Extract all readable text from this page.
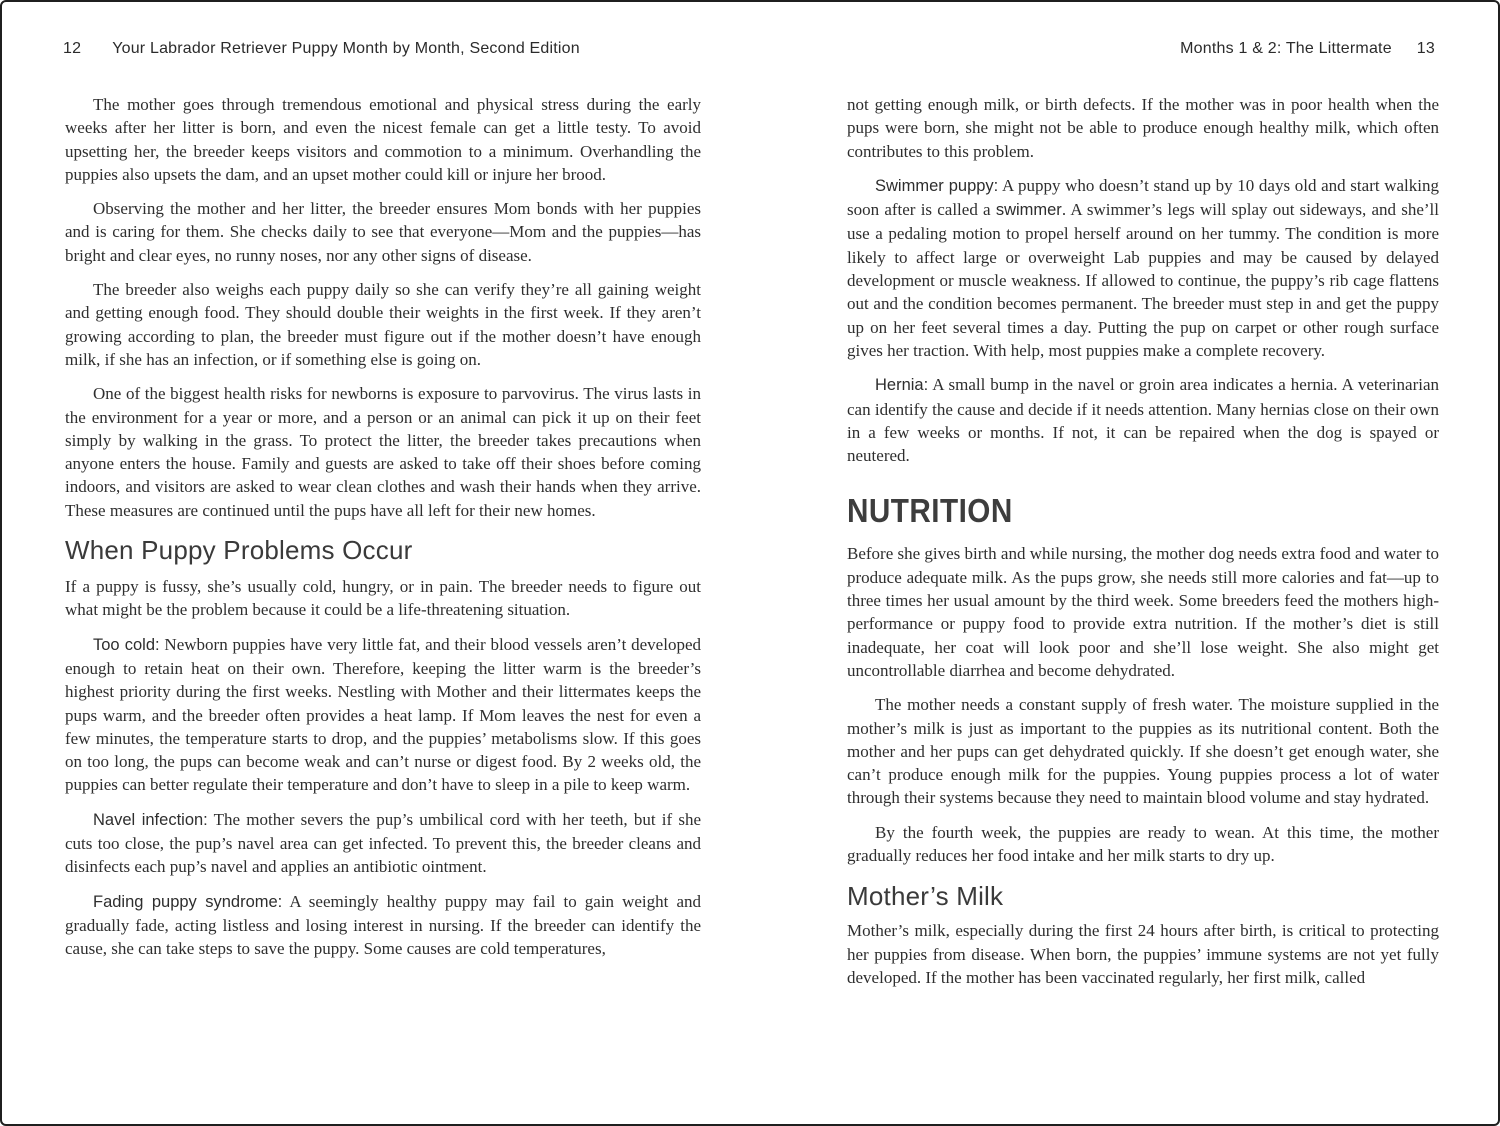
12 Your Labrador Retriever Puppy Month by Month, Second Edition	Months 1 & 2: The Littermate 13

The mother goes through tremendous emotional and physical stress during the early weeks after her litter is born, and even the nicest female can get a little testy. To avoid upsetting her, the breeder keeps visitors and commotion to a minimum. Overhandling the puppies also upsets the dam, and an upset mother could kill or injure her brood.

Observing the mother and her litter, the breeder ensures Mom bonds with her puppies and is caring for them. She checks daily to see that everyone—Mom and the puppies—has bright and clear eyes, no runny noses, nor any other signs of disease.

The breeder also weighs each puppy daily so she can verify they’re all gaining weight and getting enough food. They should double their weights in the first week. If they aren’t growing according to plan, the breeder must figure out if the mother doesn’t have enough milk, if she has an infection, or if something else is going on.

One of the biggest health risks for newborns is exposure to parvovirus. The virus lasts in the environment for a year or more, and a person or an animal can pick it up on their feet simply by walking in the grass. To protect the litter, the breeder takes precautions when anyone enters the house. Family and guests are asked to take off their shoes before coming indoors, and visitors are asked to wear clean clothes and wash their hands when they arrive. These measures are continued until the pups have all left for their new homes.

When Puppy Problems Occur

If a puppy is fussy, she’s usually cold, hungry, or in pain. The breeder needs to figure out what might be the problem because it could be a life-threatening situation.

Too cold: Newborn puppies have very little fat, and their blood vessels aren’t developed enough to retain heat on their own. Therefore, keeping the litter warm is the breeder’s highest priority during the first weeks. Nestling with Mother and their littermates keeps the pups warm, and the breeder often provides a heat lamp. If Mom leaves the nest for even a few minutes, the temperature starts to drop, and the puppies’ metabolisms slow. If this goes on too long, the pups can become weak and can’t nurse or digest food. By 2 weeks old, the puppies can better regulate their temperature and don’t have to sleep in a pile to keep warm.

Navel infection: The mother severs the pup’s umbilical cord with her teeth, but if she cuts too close, the pup’s navel area can get infected. To prevent this, the breeder cleans and disinfects each pup’s navel and applies an antibiotic ointment.

Fading puppy syndrome: A seemingly healthy puppy may fail to gain weight and gradually fade, acting listless and losing interest in nursing. If the breeder can identify the cause, she can take steps to save the puppy. Some causes are cold temperatures,

not getting enough milk, or birth defects. If the mother was in poor health when the pups were born, she might not be able to produce enough healthy milk, which often contributes to this problem.

Swimmer puppy: A puppy who doesn’t stand up by 10 days old and start walking soon after is called a swimmer. A swimmer’s legs will splay out sideways, and she’ll use a pedaling motion to propel herself around on her tummy. The condition is more likely to affect large or overweight Lab puppies and may be caused by delayed development or muscle weakness. If allowed to continue, the puppy’s rib cage flattens out and the condition becomes permanent. The breeder must step in and get the puppy up on her feet several times a day. Putting the pup on carpet or other rough surface gives her traction. With help, most puppies make a complete recovery.

Hernia: A small bump in the navel or groin area indicates a hernia. A veterinarian can identify the cause and decide if it needs attention. Many hernias close on their own in a few weeks or months. If not, it can be repaired when the dog is spayed or neutered.

NUTRITION

Before she gives birth and while nursing, the mother dog needs extra food and water to produce adequate milk. As the pups grow, she needs still more calories and fat—up to three times her usual amount by the third week. Some breeders feed the mothers high-performance or puppy food to provide extra nutrition. If the mother’s diet is still inadequate, her coat will look poor and she’ll lose weight. She also might get uncontrollable diarrhea and become dehydrated.

The mother needs a constant supply of fresh water. The moisture supplied in the mother’s milk is just as important to the puppies as its nutritional content. Both the mother and her pups can get dehydrated quickly. If she doesn’t get enough water, she can’t produce enough milk for the puppies. Young puppies process a lot of water through their systems because they need to maintain blood volume and stay hydrated.

By the fourth week, the puppies are ready to wean. At this time, the mother gradually reduces her food intake and her milk starts to dry up.

Mother’s Milk

Mother’s milk, especially during the first 24 hours after birth, is critical to protecting her puppies from disease. When born, the puppies’ immune systems are not yet fully developed. If the mother has been vaccinated regularly, her first milk, called
